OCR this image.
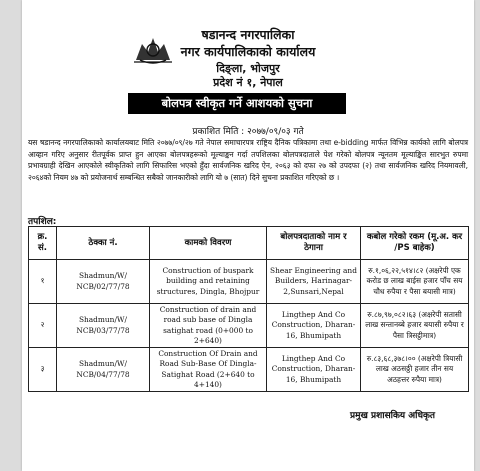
षडानन्द नगरपालिका
नगर कार्यपालिकाको कार्यालय
दिङ्ला, भोजपुर
प्रदेश नं १, नेपाल
बोलपत्र स्वीकृत गर्ने आशयको सुचना
प्रकाशित मिति : २०७७/०९/०३ गते
यस षडानन्द नगरपालिकाको कार्यालयबाट मिति २०७७/०९/२७ गते नेपाल समाचारपत्र राष्ट्रिय दैनिक पत्रिकामा तथा e-bidding मार्फत विभिन्न कार्यको लागि बोलपत्र आव्हान गरिए अनुसार रीतपूर्वक प्राप्त हुन आएका बोलपत्रहरूको मूल्याङ्कन गर्दा तपशिलका बोलपत्रदाताले पेश गरेको बोलपत्र न्यूनतम मूल्याङ्कित सारभुत रुपमा प्रभावग्राही देखिन आएकोले स्वीकृतिको लागि सिफारिस भएको हुँदा सार्वजनिक खरिद ऐन, २०६३ को दफा २७ को उपदफा (२) तथा सार्वजनिक खरिद नियमावली, २०६४को नियम ४७ को प्रयोजनार्थ सम्बन्धित सबैको जानकारीको लागि यो ७ (सात) दिने सुचना प्रकाशित गरिएको छ ।
तपशिल:
क्र. सं.	ठेक्का नं.	कामको विवरण	बोलपत्रदाताको नाम र ठेगाना	कबोल गरेको रकम (मू.अ. कर /PS बाहेक)
१	Shadmun/W/ NCB/02/77/78	Construction of buspark building and retaining structures, Dingla, Bhojpur	Shear Engineering and Builders, Harinagar-2,Sunsari,Nepal	रु.१,०६,२२,५१४।८२ (अक्षरेपी एक करोड छ लाख बाईस हजार पाँच सय चौध रुपैया र पैसा बयासी मात्र)
२	Shadmun/W/ NCB/03/77/78	Construction of drain and road sub base of Dingla satighat road (0+000 to 2+640)	Lingthep And Co Construction, Dharan-16, Bhumipath	रु.८७,९७,०८२।६३ (अक्षरेपी सतासी लाख सन्तानब्बे हजार बयासी रुपैया र पैसा त्रिसट्ठीमात्र)
३	Shadmun/W/ NCB/04/77/78	Construction Of Drain and Road Sub-Base Of Dingla-Satighat Road (2+640 to 4+140)	Lingthep And Co Construction, Dharan-16, Bhumipath	रु.८३,६८,३७८।०० (अक्षरेपी त्रियासी लाख अठसठ्ठी हजार तीन सय अठहत्तर रुपैया मात्र)
प्रमुख प्रशासकिय अधिकृत
